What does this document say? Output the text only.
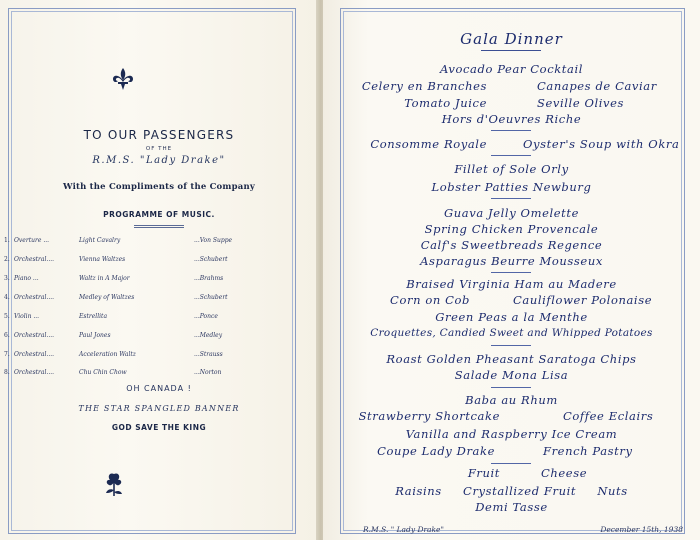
TO OUR PASSENGERS
OF THE
R.M.S. "Lady Drake"
With the Compliments of the Company
PROGRAMME OF MUSIC.
1. Overture ...	Light Cavalry	...Von Suppe
2. Orchestral....	Vienna Waltzes	...Schubert
3. Piano ...	Waltz in A Major	...Brahms
4. Orchestral....	Medley of Waltzes	...Schubert
5. Violin ...	Estrellita	...Ponce
6. Orchestral....	Paul Jones	...Medley
7. Orchestral....	Acceleration Waltz	...Strauss
8. Orchestral....	Chu Chin Chow	...Norton
OH CANADA !
THE STAR SPANGLED BANNER
GOD SAVE THE KING
Gala Dinner
Avocado Pear Cocktail
Celery en Branches	Canapes de Caviar
Tomato Juice	Seville Olives
Hors d'Oeuvres Riche
Consomme Royale	Oyster's Soup with Okra
Fillet of Sole Orly
Lobster Patties Newburg
Guava Jelly Omelette
Spring Chicken Provencale
Calf's Sweetbreads Regence
Asparagus Beurre Mousseux
Braised Virginia Ham au Madere
Corn on Cob	Cauliflower Polonaise
Green Peas a la Menthe
Croquettes, Candied Sweet and Whipped Potatoes
Roast Golden Pheasant Saratoga Chips
Salade Mona Lisa
Baba au Rhum
Strawberry Shortcake	Coffee Eclairs
Vanilla and Raspberry Ice Cream
Coupe Lady Drake	French Pastry
Fruit	Cheese
Raisins     Crystallized Fruit     Nuts
Demi Tasse
R.M.S. " Lady Drake"	December 15th, 1938
